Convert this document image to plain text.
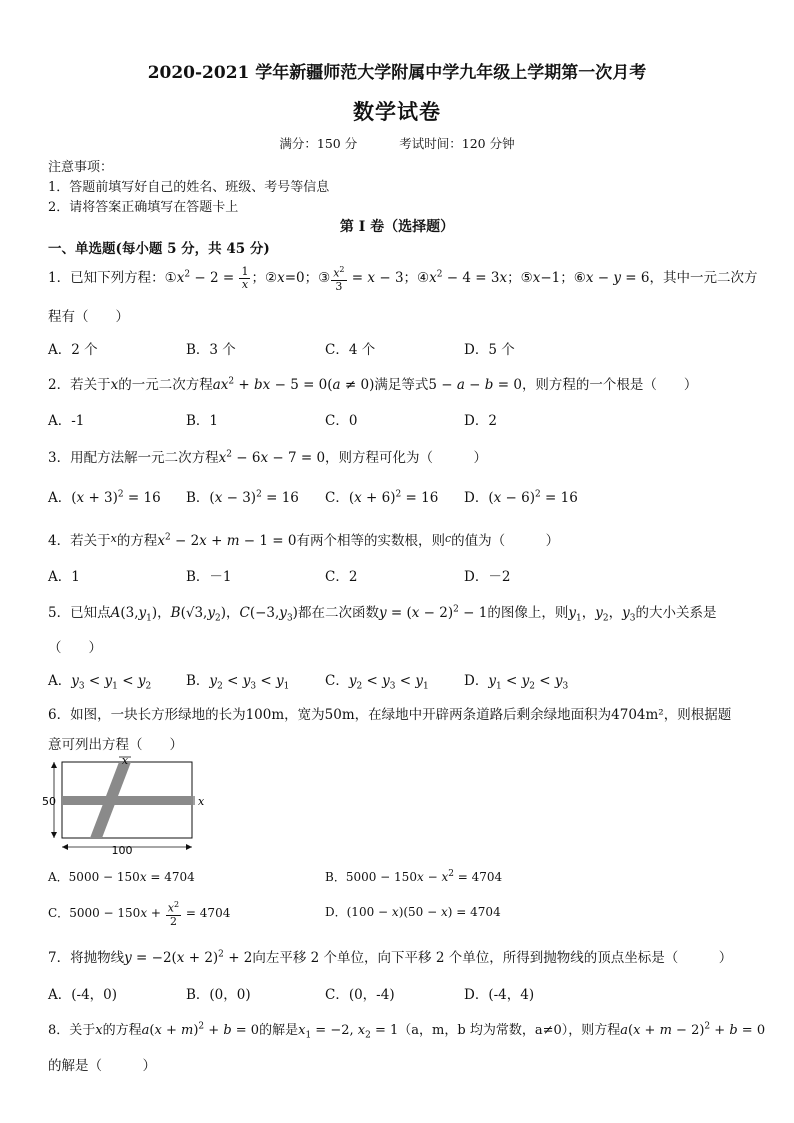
2020-2021 学年新疆师范大学附属中学九年级上学期第一次月考
数学试卷
满分：150 分	考试时间：120 分钟
注意事项：
1．答题前填写好自己的姓名、班级、考号等信息
2．请将答案正确填写在答题卡上
第 I 卷（选择题）
一、单选题(每小题 5 分，共 45 分)
1．已知下列方程：$①x^2 - 2 = \frac{1}{x}$ ；②x=0；③ $\frac{x^2}{3} = x - 3$；$④x^2 - 4 = 3x$；⑤x−1；⑥x − y = 6，其中一元二次方
程有（　　）
A．2 个	B．3 个	C．4 个	D．5 个
2．若关于x的一元二次方程$ax^2$ + bx − 5 = 0(a ≠ 0)满足等式5 − a − b = 0，则方程的一个根是（　　）
A．-1	B．1	C．0	D．2
3．用配方法解一元二次方程$x^2 - 6x - 7 = 0$，则方程可化为（　　　）
A．$(x + 3)^2 = 16$ B．$(x - 3)^2 = 16$ C．$(x + 6)^2 = 16$ D．$(x - 6)^2 = 16$
4．若关于$^x$的方程$x^2 - 2x + m - 1 = 0$有两个相等的实数根，则$^c$的值为（　　　）
A．1	B．－1	C．2	D．－2
5．已知点$A(3,y_1)$，$B(√3,y_2)$，$C(-3,y_3)$都在二次函数$y = (x - 2)^2 - 1$的图像上，则$y_1$，$y_2$，$y_3$的大小关系是
（　　）
A．$y_3 < y_1 < y_2$	B．$y_2 < y_3 < y_1$	C．$y_2 < y_3 < y_1$	D．$y_1 < y_2 < y_3$
6．如图，一块长方形绿地的长为100m，宽为50m，在绿地中开辟两条道路后剩余绿地面积为4704m²，则根据题
意可列出方程（　　）
x
x
50
100
A．5000 − 150x = 4704	B．$5000 - 150x - x^2 = 4704$
C．$5000 - 150x + \frac{x^2}{2} = 4704$	D．(100 − x)(50 − x) = 4704
7．将抛物线$y = -2(x + 2)^2 + 2$向左平移 2 个单位，向下平移 2 个单位，所得到抛物线的顶点坐标是（　　　）
A．(-4，0)	B．(0，0)	C．(0，-4)	D．(-4，4)
8．关于x的方程$a(x + m)^2 + b = 0$的解是$x_1 = -2$, $x_2 = 1(a$，m，b 均为常数，a≠0），则方程$a(x + m - 2)^2 + b = 0$
的解是（　　　）
